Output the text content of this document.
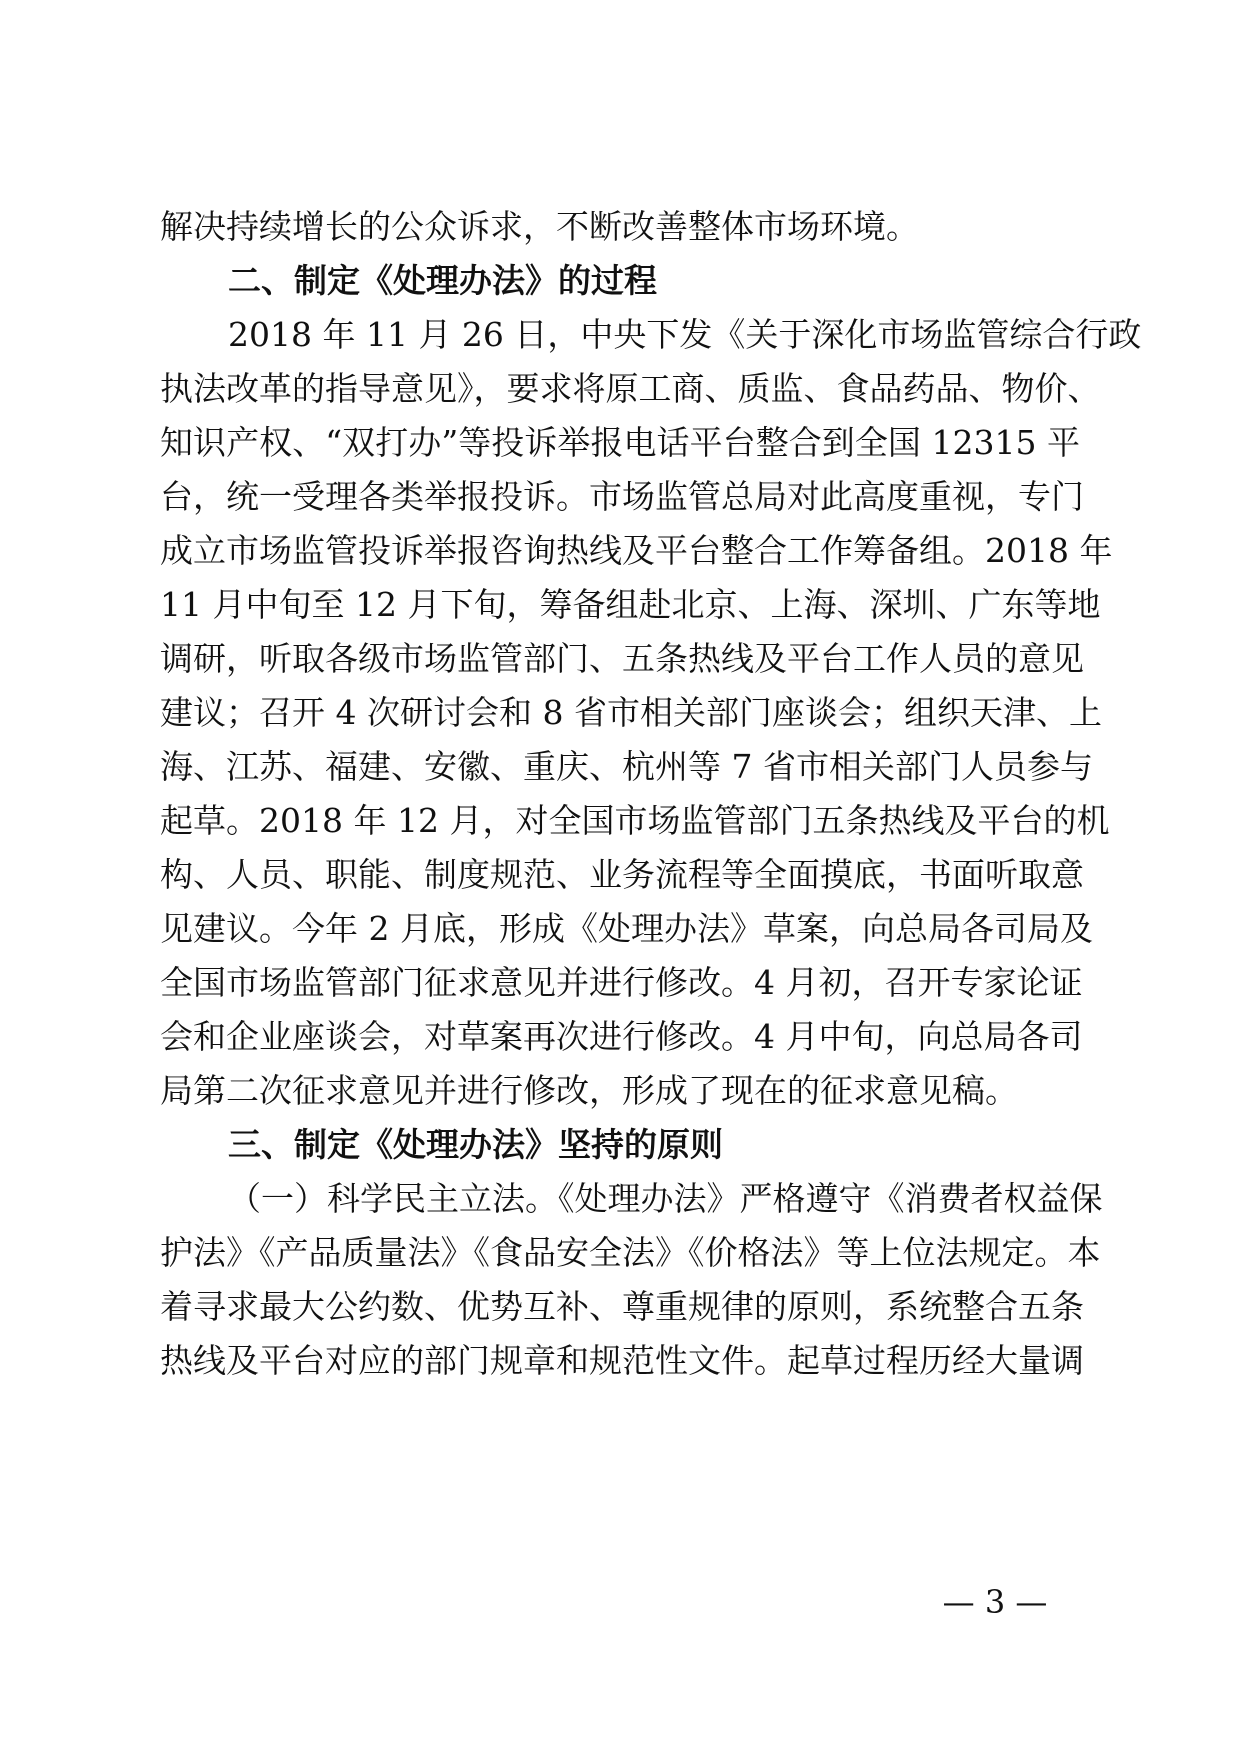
解决持续增长的公众诉求，不断改善整体市场环境。
二、制定《处理办法》的过程
2018 年 11 月 26 日，中央下发《关于深化市场监管综合行政
执法改革的指导意见》，要求将原工商、质监、食品药品、物价、
知识产权、“双打办”等投诉举报电话平台整合到全国 12315 平
台，统一受理各类举报投诉。市场监管总局对此高度重视，专门
成立市场监管投诉举报咨询热线及平台整合工作筹备组。2018 年
11 月中旬至 12 月下旬，筹备组赴北京、上海、深圳、广东等地
调研，听取各级市场监管部门、五条热线及平台工作人员的意见
建议；召开 4 次研讨会和 8 省市相关部门座谈会；组织天津、上
海、江苏、福建、安徽、重庆、杭州等 7 省市相关部门人员参与
起草。2018 年 12 月，对全国市场监管部门五条热线及平台的机
构、人员、职能、制度规范、业务流程等全面摸底，书面听取意
见建议。今年 2 月底，形成《处理办法》草案，向总局各司局及
全国市场监管部门征求意见并进行修改。4 月初，召开专家论证
会和企业座谈会，对草案再次进行修改。4 月中旬，向总局各司
局第二次征求意见并进行修改，形成了现在的征求意见稿。
三、制定《处理办法》坚持的原则
（一）科学民主立法。《处理办法》严格遵守《消费者权益保
护法》《产品质量法》《食品安全法》《价格法》等上位法规定。本
着寻求最大公约数、优势互补、尊重规律的原则，系统整合五条
热线及平台对应的部门规章和规范性文件。起草过程历经大量调
— 3 —
